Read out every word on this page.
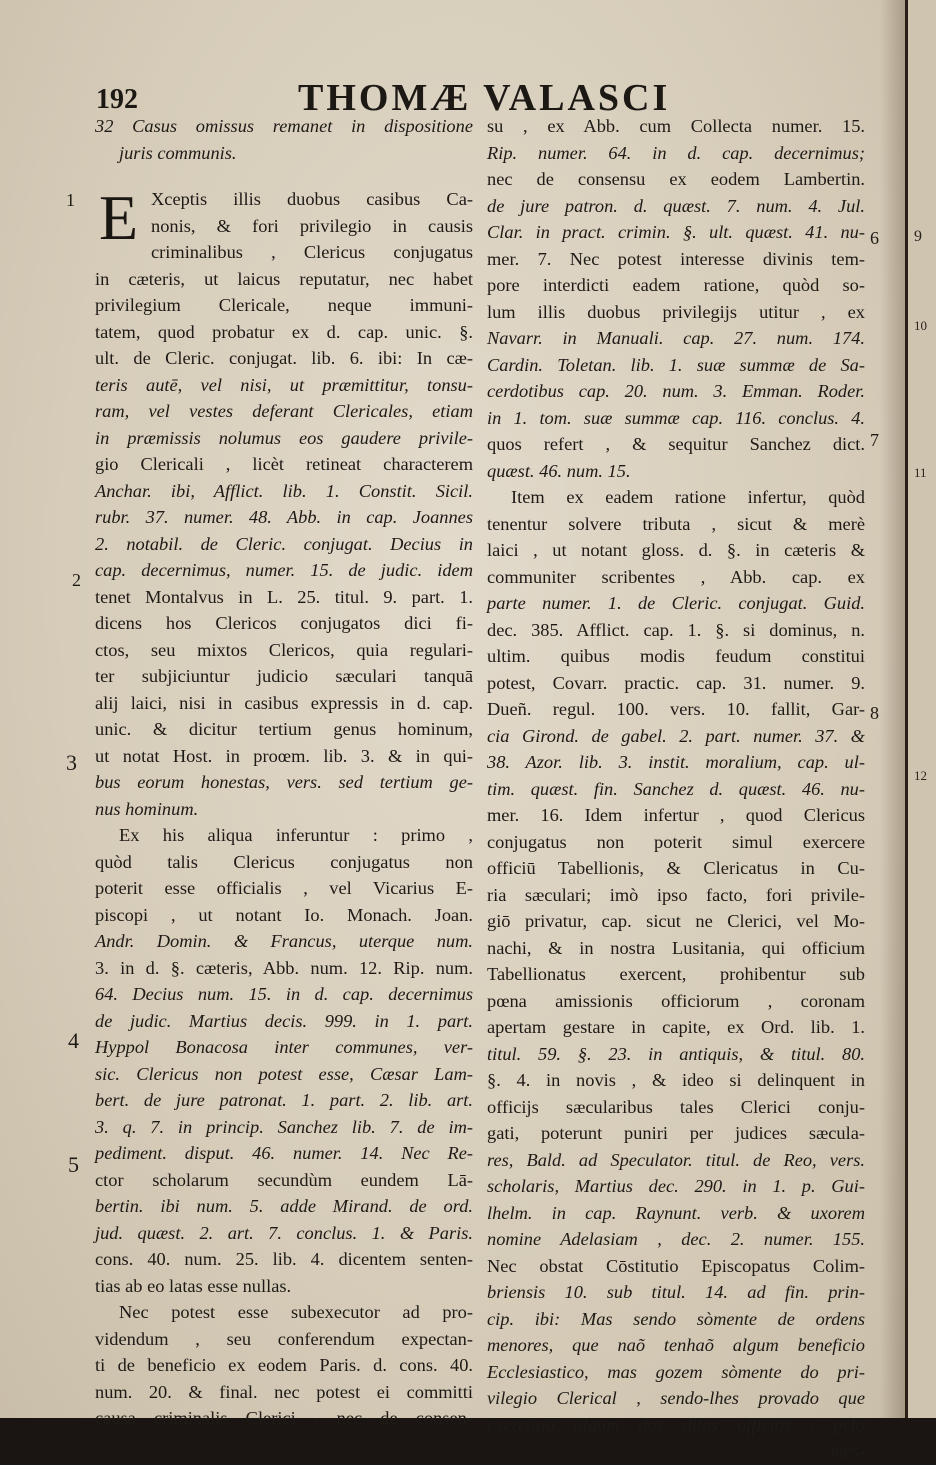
192	THOMÆ VALASCI
1
2
3
4
5
6
7
8
32 Casus omissus remanet in dispositione
juris communis.
E Xceptis illis duobus casibus Ca-
nonis, & fori privilegio in causis
criminalibus , Clericus conjugatus
in cæteris, ut laicus reputatur, nec habet
privilegium Clericale, neque immuni-
tatem, quod probatur ex d. cap. unic. §.
ult. de Cleric. conjugat. lib. 6. ibi: In cæ-
teris autē, vel nisi, ut præmittitur, tonsu-
ram, vel vestes deferant Clericales, etiam
in præmissis nolumus eos gaudere privile-
gio Clericali , licèt retineat characterem
Anchar. ibi, Afflict. lib. 1. Constit. Sicil.
rubr. 37. numer. 48. Abb. in cap. Joannes
2. notabil. de Cleric. conjugat. Decius in
cap. decernimus, numer. 15. de judic. idem
tenet Montalvus in L. 25. titul. 9. part. 1.
dicens hos Clericos conjugatos dici fi-
ctos, seu mixtos Clericos, quia regulari-
ter subjiciuntur judicio sæculari tanquā
alij laici, nisi in casibus expressis in d. cap.
unic. & dicitur tertium genus hominum,
ut notat Host. in proœm. lib. 3. & in qui-
bus eorum honestas, vers. sed tertium ge-
nus hominum.
Ex his aliqua inferuntur : primo ,
quòd talis Clericus conjugatus non
poterit esse officialis , vel Vicarius E-
piscopi , ut notant Io. Monach. Joan.
Andr. Domin. & Francus, uterque num.
3. in d. §. cæteris, Abb. num. 12. Rip. num.
64. Decius num. 15. in d. cap. decernimus
de judic. Martius decis. 999. in 1. part.
Hyppol Bonacosa inter communes, ver-
sic. Clericus non potest esse, Cæsar Lam-
bert. de jure patronat. 1. part. 2. lib. art.
3. q. 7. in princip. Sanchez lib. 7. de im-
pediment. disput. 46. numer. 14. Nec Re-
ctor scholarum secundùm eundem Lā-
bertin. ibi num. 5. adde Mirand. de ord.
jud. quæst. 2. art. 7. conclus. 1. & Paris.
cons. 40. num. 25. lib. 4. dicentem senten-
tias ab eo latas esse nullas.
Nec potest esse subexecutor ad pro-
videndum , seu conferendum expectan-
ti de beneficio ex eodem Paris. d. cons. 40.
num. 20. & final. nec potest ei committi
causa criminalis Clerici , nec de consen-
su , ex Abb. cum Collecta numer. 15.
Rip. numer. 64. in d. cap. decernimus;
nec de consensu ex eodem Lambertin.
de jure patron. d. quæst. 7. num. 4. Jul.
Clar. in pract. crimin. §. ult. quæst. 41. nu-
mer. 7. Nec potest interesse divinis tem-
pore interdicti eadem ratione, quòd so-
lum illis duobus privilegijs utitur , ex
Navarr. in Manuali. cap. 27. num. 174.
Cardin. Toletan. lib. 1. suæ summæ de Sa-
cerdotibus cap. 20. num. 3. Emman. Roder.
in 1. tom. suæ summæ cap. 116. conclus. 4.
quos refert , & sequitur Sanchez dict.
quæst. 46. num. 15.
Item ex eadem ratione infertur, quòd
tenentur solvere tributa , sicut & merè
laici , ut notant gloss. d. §. in cæteris &
communiter scribentes , Abb. cap. ex
parte numer. 1. de Cleric. conjugat. Guid.
dec. 385. Afflict. cap. 1. §. si dominus, n.
ultim. quibus modis feudum constitui
potest, Covarr. practic. cap. 31. numer. 9.
Dueñ. regul. 100. vers. 10. fallit, Gar-
cia Girond. de gabel. 2. part. numer. 37. &
38. Azor. lib. 3. instit. moralium, cap. ul-
tim. quæst. fin. Sanchez d. quæst. 46. nu-
mer. 16. Idem infertur , quod Clericus
conjugatus non poterit simul exercere
officiū Tabellionis, & Clericatus in Cu-
ria sæculari; imò ipso facto, fori privile-
giō privatur, cap. sicut ne Clerici, vel Mo-
nachi, & in nostra Lusitania, qui officium
Tabellionatus exercent, prohibentur sub
pœna amissionis officiorum , coronam
apertam gestare in capite, ex Ord. lib. 1.
titul. 59. §. 23. in antiquis, & titul. 80.
§. 4. in novis , & ideo si delinquent in
officijs sæcularibus tales Clerici conju-
gati, poterunt puniri per judices sæcula-
res, Bald. ad Speculator. titul. de Reo, vers.
scholaris, Martius dec. 290. in 1. p. Gui-
lhelm. in cap. Raynunt. verb. & uxorem
nomine Adelasiam , dec. 2. numer. 155.
Nec obstat Cōstitutio Episcopatus Colim-
briensis 10. sub titul. 14. ad fin. prin-
cip. ibi: Mas sendo sòmente de ordens
menores, que naõ tenhaõ algum beneficio
Ecclesiastico, mas gozem sòmente do pri-
vilegio Clerical , sendo-lhes provado que
exercitaõ algum dos ditos officios , pelo
mes-
9
10
11
12
